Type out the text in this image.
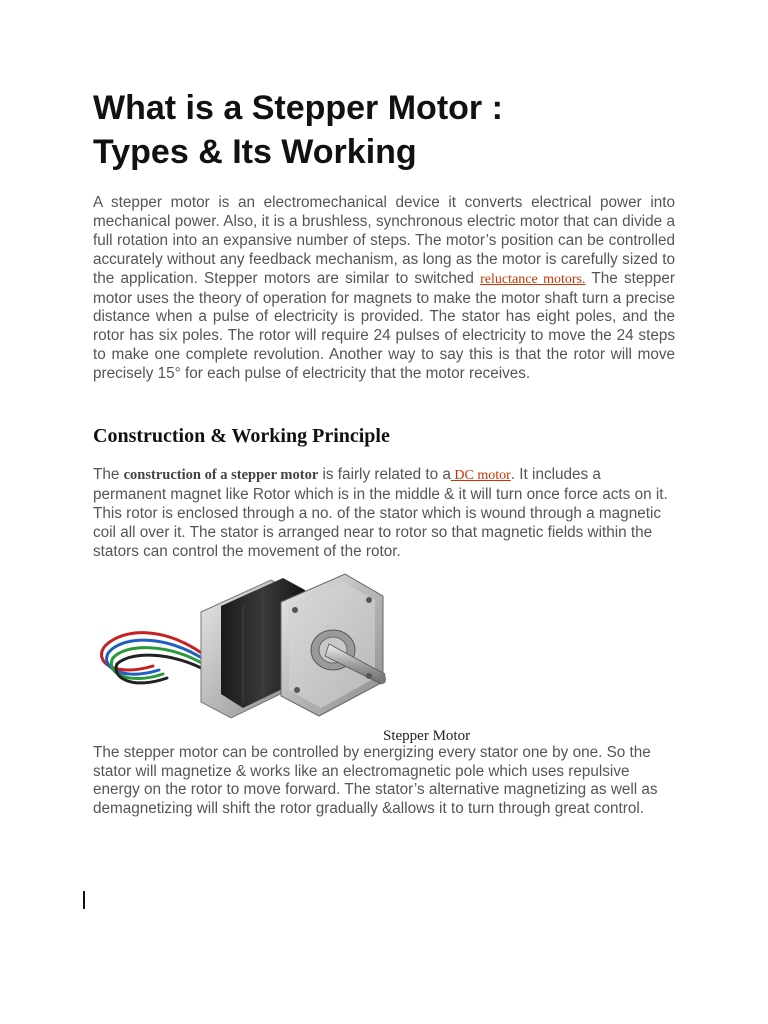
What is a Stepper Motor :
Types & Its Working

A stepper motor is an electromechanical device it converts electrical power into mechanical power. Also, it is a brushless, synchronous electric motor that can divide a full rotation into an expansive number of steps. The motor’s position can be controlled accurately without any feedback mechanism, as long as the motor is carefully sized to the application. Stepper motors are similar to switched reluctance motors. The stepper motor uses the theory of operation for magnets to make the motor shaft turn a precise distance when a pulse of electricity is provided. The stator has eight poles, and the rotor has six poles. The rotor will require 24 pulses of electricity to move the 24 steps to make one complete revolution. Another way to say this is that the rotor will move precisely 15° for each pulse of electricity that the motor receives.

Construction & Working Principle

The construction of a stepper motor is fairly related to a DC motor. It includes a permanent magnet like Rotor which is in the middle & it will turn once force acts on it. This rotor is enclosed through a no. of the stator which is wound through a magnetic coil all over it. The stator is arranged near to rotor so that magnetic fields within the stators can control the movement of the rotor.

Stepper Motor

The stepper motor can be controlled by energizing every stator one by one. So the stator will magnetize & works like an electromagnetic pole which uses repulsive energy on the rotor to move forward. The stator’s alternative magnetizing as well as demagnetizing will shift the rotor gradually &allows it to turn through great control.
